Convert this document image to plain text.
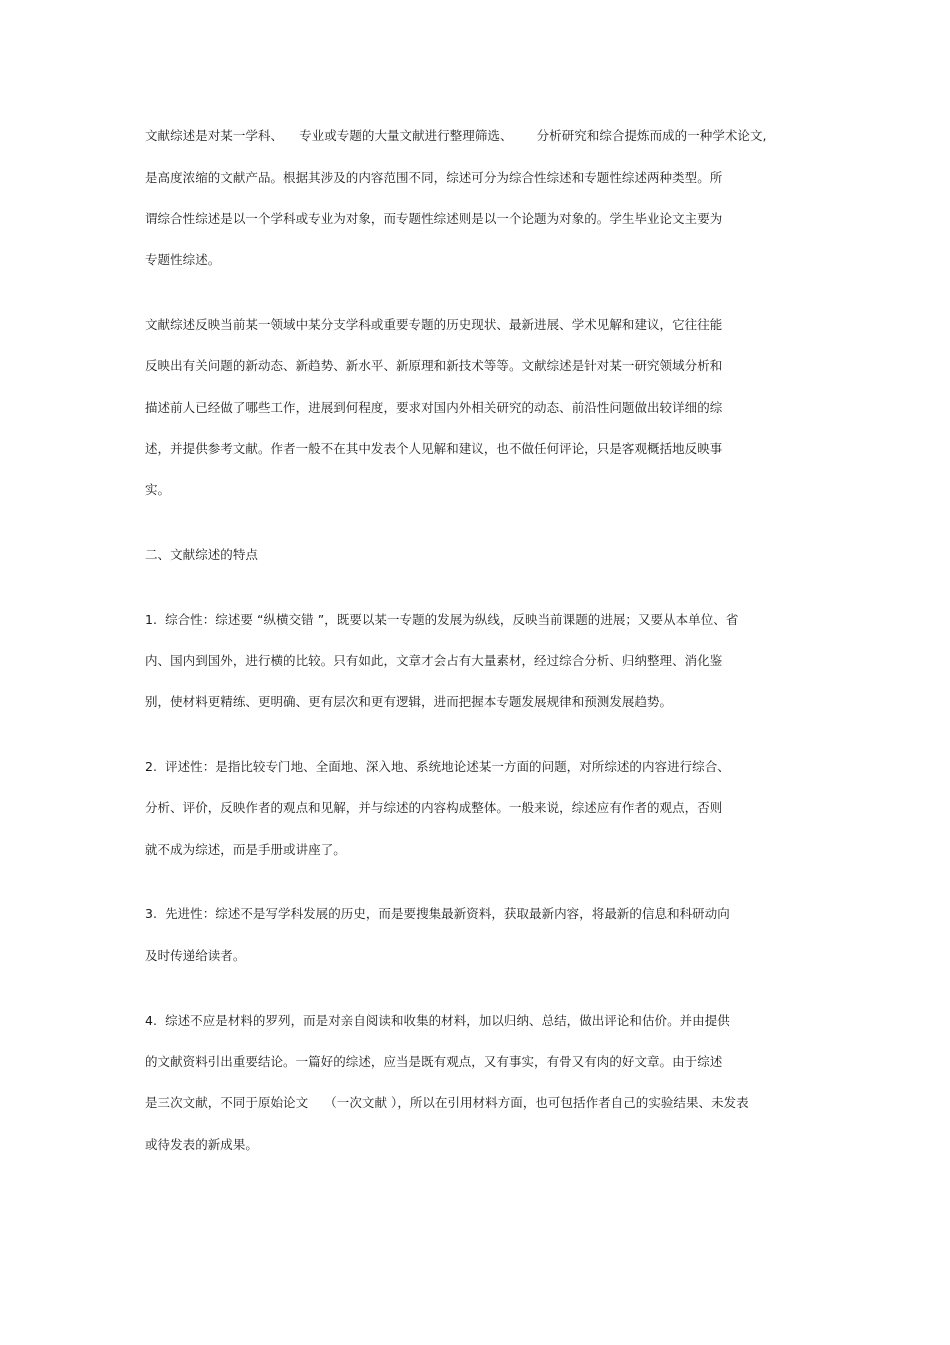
文献综述是对某一学科、    专业或专题的大量文献进行整理筛选、      分析研究和综合提炼而成的一种学术论文,
是高度浓缩的文献产品。根据其涉及的内容范围不同，综述可分为综合性综述和专题性综述两种类型。所
谓综合性综述是以一个学科或专业为对象，而专题性综述则是以一个论题为对象的。学生毕业论文主要为
专题性综述。
文献综述反映当前某一领域中某分支学科或重要专题的历史现状、最新进展、学术见解和建议，它往往能
反映出有关问题的新动态、新趋势、新水平、新原理和新技术等等。文献综述是针对某一研究领域分析和
描述前人已经做了哪些工作，进展到何程度，要求对国内外相关研究的动态、前沿性问题做出较详细的综
述，并提供参考文献。作者一般不在其中发表个人见解和建议，也不做任何评论，只是客观概括地反映事
实。
二、文献综述的特点
1.  综合性：综述要 “纵横交错 ”，既要以某一专题的发展为纵线，反映当前课题的进展；又要从本单位、省
内、国内到国外，进行横的比较。只有如此，文章才会占有大量素材，经过综合分析、归纳整理、消化鉴
别，使材料更精练、更明确、更有层次和更有逻辑，进而把握本专题发展规律和预测发展趋势。
2.  评述性：是指比较专门地、全面地、深入地、系统地论述某一方面的问题，对所综述的内容进行综合、
分析、评价，反映作者的观点和见解，并与综述的内容构成整体。一般来说，综述应有作者的观点，否则
就不成为综述，而是手册或讲座了。
3.  先进性：综述不是写学科发展的历史，而是要搜集最新资料，获取最新内容，将最新的信息和科研动向
及时传递给读者。
4.  综述不应是材料的罗列，而是对亲自阅读和收集的材料，加以归纳、总结，做出评论和估价。并由提供
的文献资料引出重要结论。一篇好的综述，应当是既有观点，又有事实，有骨又有肉的好文章。由于综述
是三次文献，不同于原始论文    （一次文献 ），所以在引用材料方面，也可包括作者自己的实验结果、未发表
或待发表的新成果。
